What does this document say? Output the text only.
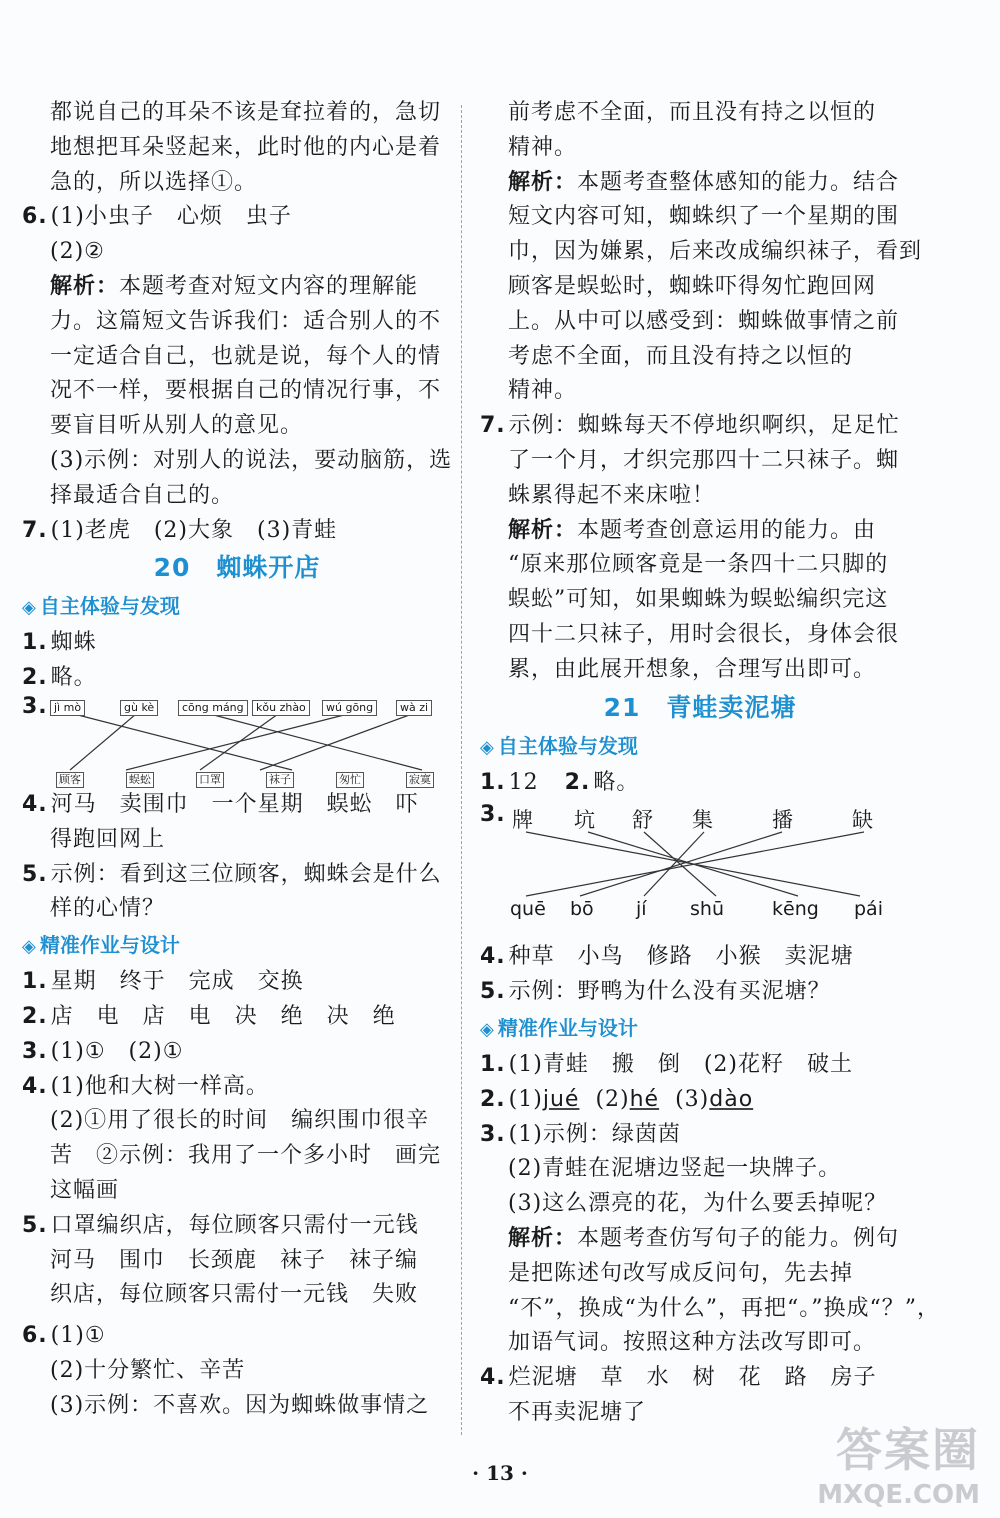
都说自己的耳朵不该是耷拉着的，急切
地想把耳朵竖起来，此时他的内心是着
急的，所以选择①。
6. (1)小虫子　心烦　虫子
(2)②
解析：本题考查对短文内容的理解能
力。这篇短文告诉我们：适合别人的不
一定适合自己，也就是说，每个人的情
况不一样，要根据自己的情况行事，不
要盲目听从别人的意见。
(3)示例：对别人的说法，要动脑筋，选
择最适合自己的。
7. (1)老虎　(2)大象　(3)青蛙
20 蜘蛛开店
◈ 自主体验与发现
1. 蜘蛛
2. 略。
3. jì mò	gù kè	cōng máng	kǒu zhào	wú gōng	wà zi
顾客	蜈蚣	口罩	袜子	匆忙	寂寞
4. 河马　卖围巾　一个星期　蜈蚣　吓
得跑回网上
5. 示例：看到这三位顾客，蜘蛛会是什么
样的心情？
◈ 精准作业与设计
1. 星期　终于　完成　交换
2. 店　电　店　电　决　绝　决　绝
3. (1)①　(2)①
4. (1)他和大树一样高。
(2)①用了很长的时间　编织围巾很辛
苦　②示例：我用了一个多小时　画完
这幅画
5. 口罩编织店，每位顾客只需付一元钱
河马　围巾　长颈鹿　袜子　袜子编
织店，每位顾客只需付一元钱　失败
6. (1)①
(2)十分繁忙、辛苦
(3)示例：不喜欢。因为蜘蛛做事情之
前考虑不全面，而且没有持之以恒的
精神。
解析：本题考查整体感知的能力。结合
短文内容可知，蜘蛛织了一个星期的围
巾，因为嫌累，后来改成编织袜子，看到
顾客是蜈蚣时，蜘蛛吓得匆忙跑回网
上。从中可以感受到：蜘蛛做事情之前
考虑不全面，而且没有持之以恒的
精神。
7. 示例：蜘蛛每天不停地织啊织，足足忙
了一个月，才织完那四十二只袜子。蜘
蛛累得起不来床啦！
解析：本题考查创意运用的能力。由
“原来那位顾客竟是一条四十二只脚的
蜈蚣”可知，如果蜘蛛为蜈蚣编织完这
四十二只袜子，用时会很长，身体会很
累，由此展开想象，合理写出即可。
21 青蛙卖泥塘
◈ 自主体验与发现
1. 12 2. 略。
3. 牌 坑 舒 集	播	缺
quē bō jí shū	kēng pái
4. 种草　小鸟　修路　小猴　卖泥塘
5. 示例：野鸭为什么没有买泥塘？
◈ 精准作业与设计
1. (1)青蛙　搬　倒　(2)花籽　破土
2. (1)jué (2)hé (3)dào
3. (1)示例：绿茵茵
(2)青蛙在泥塘边竖起一块牌子。
(3)这么漂亮的花，为什么要丢掉呢？
解析：本题考查仿写句子的能力。例句
是把陈述句改写成反问句，先去掉
“不”，换成“为什么”，再把“。”换成“？”，
加语气词。按照这种方法改写即可。
4. 烂泥塘　草　水　树　花　路　房子
不再卖泥塘了
· 13 ·	答案圈
MXQE.COM
